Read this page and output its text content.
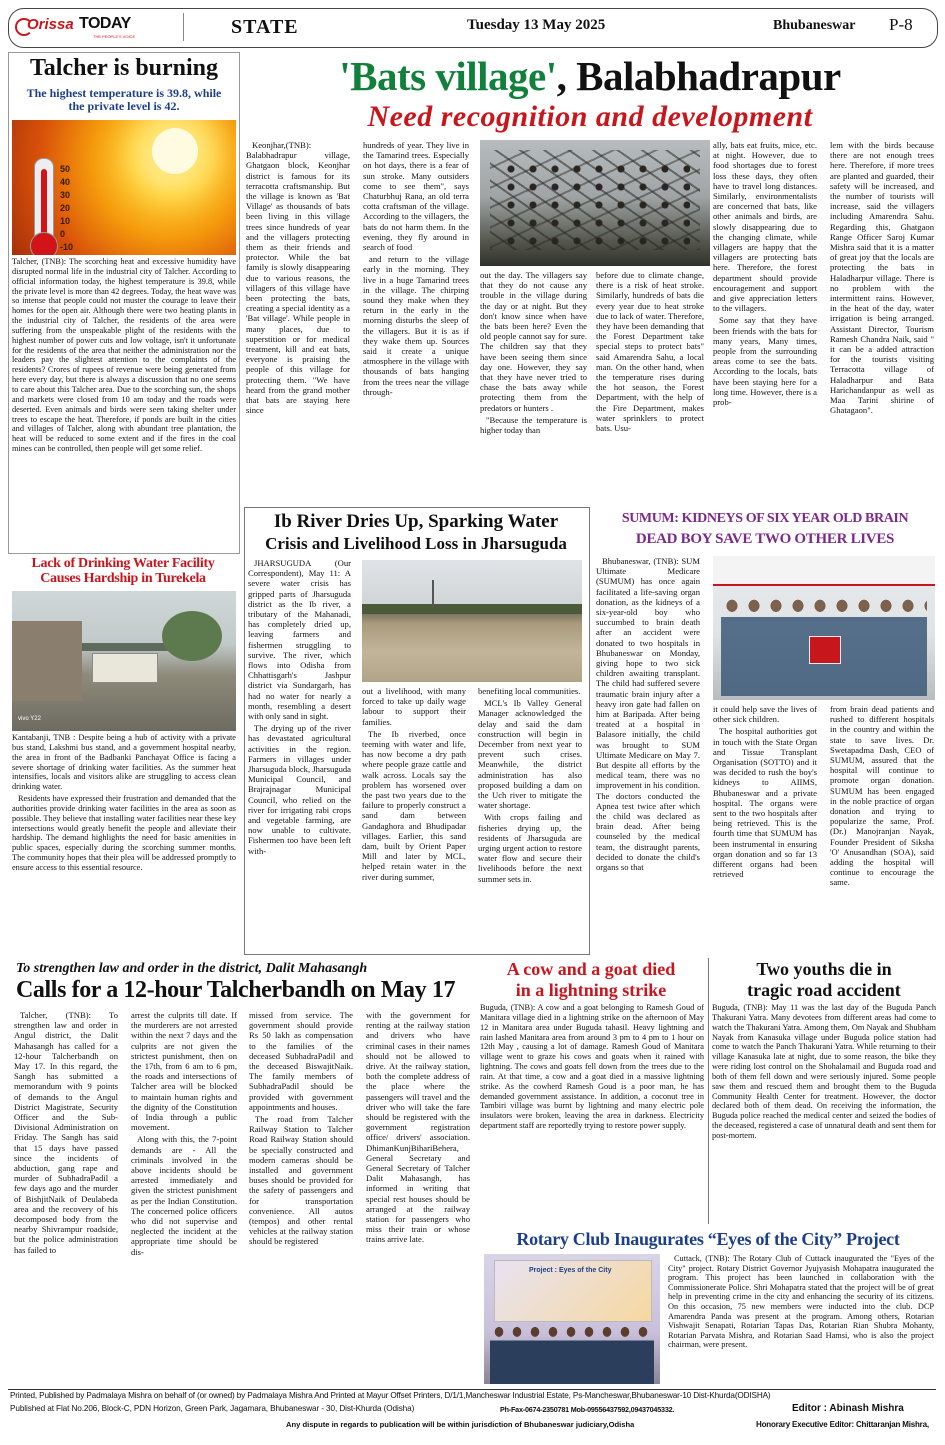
Orissa TODAY
THE PEOPLE'S VOICE	STATE	Tuesday 13 May 2025	Bhubaneswar P-8
Talcher is burning
The highest temperature is 39.8, while the private level is 42.
50
40
30
20
10
0
-10

Talcher, (TNB): The scorching heat and excessive humidity have disrupted normal life in the industrial city of Talcher. According to official information today, the highest temperature is 39.8, while the private level is more than 42 degrees. Today, the heat wave was so intense that people could not muster the courage to leave their homes for the open air. Although there were two heating plants in the industrial city of Talcher, the residents of the area were suffering from the unspeakable plight of the residents with the highest number of power cuts and low voltage, isn't it unfortunate for the residents of the area that neither the administration nor the leaders pay the slightest attention to the complaints of the residents? Crores of rupees of revenue were being generated from here every day, but there is always a discussion that no one seems to care about this Talcher area. Due to the scorching sun, the shops and markets were closed from 10 am today and the roads were deserted. Even animals and birds were seen taking shelter under trees to escape the heat. Therefore, if ponds are built in the cities and villages of Talcher, along with abundant tree plantation, the heat will be reduced to some extent and if the fires in the coal mines can be controlled, then people will get some relief.

Lack of Drinking Water Facility Causes Hardship in Turekela
vivo Y22

Kantabanji, TNB : Despite being a hub of activity with a private bus stand, Lakshmi bus stand, and a government hospital nearby, the area in front of the Badbanki Panchayat Office is facing a severe shortage of drinking water facilities. As the summer heat intensifies, locals and visitors alike are struggling to access clean drinking water.

Residents have expressed their frustration and demanded that the authorities provide drinking water facilities in the area as soon as possible. They believe that installing water facilities near these key intersections would greatly benefit the people and alleviate their hardship. The demand highlights the need for basic amenities in public spaces, especially during the scorching summer months. The community hopes that their plea will be addressed promptly to ensure access to this essential resource.

'Bats village', Balabhadrapur
Need recognition and development

Keonjhar,(TNB): Balabhadrapur village, Ghatgaon block, Keonjhar district is famous for its terracotta craftsmanship. But the village is known as 'Bat Village' as thousands of bats been living in this village trees since hundreds of year and the villagers protecting them as their friends and protector. While the bat family is slowly disappearing due to various reasons, the villagers of this village have been protecting the bats, creating a special identity as a 'Bat village'. While people in many places, due to superstition or for medical treatment, kill and eat bats, everyone is praising the people of this village for protecting them. "We have heard from the grand mother that bats are staying here since

hundreds of year. They live in the Tamarind trees. Especially on hot days, there is a fear of sun stroke. Many outsiders come to see them", says Chaturbhuj Rana, an old terra cotta craftsman of the village. According to the villagers, the bats do not harm them. In the evening, they fly around in search of food

and return to the village early in the morning. They live in a huge Tamarind trees in the village. The chirping sound they make when they return in the early in the morning disturbs the sleep of the villagers. But it is as if they wake them up. Sources said it create a unique atmosphere in the village with thousands of bats hanging from the trees near the village through-

out the day. The villagers say that they do not cause any trouble in the village during the day or at night. But they don't know since when have the bats been here? Even the old people cannot say for sure. The children say that they have been seeing them since day one. However, they say that they have never tried to chase the bats away while protecting them from the predators or hunters .

"Because the temperature is higher today than

before due to climate change, there is a risk of heat stroke. Similarly, hundreds of bats die every year due to heat stroke due to lack of water. Therefore, they have been demanding that the Forest Department take special steps to protect bats" said Amarendra Sahu, a local man. On the other hand, when the temperature rises during the hot season, the Forest Department, with the help of the Fire Department, makes water sprinklers to protect bats. Usu-

ally, bats eat fruits, mice, etc. at night. However, due to food shortages due to forest loss these days, they often have to travel long distances. Similarly, environmentalists are concerned that bats, like other animals and birds, are slowly disappearing due to the changing climate, while villagers are happy that the villagers are protecting bats here. Therefore, the forest department should provide encouragement and support and give appreciation letters to the villagers.

Some say that they have been friends with the bats for many years, Many times, people from the surrounding areas come to see the bats. According to the locals, bats have been staying here for a long time. However, there is a prob-

lem with the birds because there are not enough trees here. Therefore, if more trees are planted and guarded, their safety will be increased, and the number of tourists will increase, said the villagers including Amarendra Sahu. Regarding this, Ghatgaon Range Officer Saroj Kumar Mishra said that it is a matter of great joy that the locals are protecting the bats in Haladharpur village. There is no problem with the intermittent rains. However, in the heat of the day, water irrigation is being arranged. Assistant Director, Tourism Ramesh Chandra Naik, said " it can be a added attraction for the tourists visiting Terracotta village of Haladharpur and Bata Harichandanpur as well as Maa Tarini shirine of Ghatagaon".

Ib River Dries Up, Sparking Water
Crisis and Livelihood Loss in Jharsuguda

JHARSUGUDA (Our Correspondent), May 11: A severe water crisis has gripped parts of Jharsuguda district as the Ib river, a tributary of the Mahanadi, has completely dried up, leaving farmers and fishermen struggling to survive. The river, which flows into Odisha from Chhattisgarh's Jashpur district via Sundargarh, has had no water for nearly a month, resembling a desert with only sand in sight.

The drying up of the river has devastated agricultural activities in the region. Farmers in villages under Jharsuguda block, Jharsuguda Municipal Council, and Brajrajnagar Municipal Council, who relied on the river for irrigating rabi crops and vegetable farming, are now unable to cultivate. Fishermen too have been left with-

out a livelihood, with many forced to take up daily wage labour to support their families.

The Ib riverbed, once teeming with water and life, has now become a dry path where people graze cattle and walk across. Locals say the problem has worsened over the past two years due to the failure to properly construct a sand dam between Gandaghora and Bhudipadar villages. Earlier, this sand dam, built by Orient Paper Mill and later by MCL, helped retain water in the river during summer,

benefiting local communities.

MCL's Ib Valley General Manager acknowledged the delay and said the dam construction will begin in December from next year to prevent such crises. Meanwhile, the district administration has also proposed building a dam on the Uch river to mitigate the water shortage.

With crops failing and fisheries drying up, the residents of Jharsuguda are urging urgent action to restore water flow and secure their livelihoods before the next summer sets in.

SUMUM: KIDNEYS OF SIX YEAR OLD BRAIN
DEAD BOY SAVE TWO OTHER LIVES

Bhubaneswar, (TNB): SUM Ultimate Medicare (SUMUM) has once again facilitated a life-saving organ donation, as the kidneys of a six-year-old boy who succumbed to brain death after an accident were donated to two hospitals in Bhubaneswar on Monday, giving hope to two sick children awaiting transplant. The child had suffered severe traumatic brain injury after a heavy iron gate had fallen on him at Baripada. After being treated at a hospital in Balasore initially, the child was brought to SUM Ultimate Medicare on May 7. But despite all efforts by the medical team, there was no improvement in his condition. The doctors conducted the Apnea test twice after which the child was declared as brain dead. After being counseled by the medical team, the distraught parents, decided to donate the child's organs so that

it could help save the lives of other sick children.

The hospital authorities got in touch with the State Organ and Tissue Transplant Organisation (SOTTO) and it was decided to rush the boy's kidneys to AIIMS, Bhubaneswar and a private hospital. The organs were sent to the two hospitals after being retrieved. This is the fourth time that SUMUM has been instrumental in ensuring organ donation and so far 13 different organs had been retrieved

from brain dead patients and rushed to different hospitals in the country and within the state to save lives. Dr. Swetapadma Dash, CEO of SUMUM, assured that the hospital will continue to promote organ donation. SUMUM has been engaged in the noble practice of organ donation and trying to popularize the same, Prof. (Dr.) Manojranjan Nayak, Founder President of Siksha 'O' Anusandhan (SOA), said adding the hospital will continue to encourage the same.

To strengthen law and order in the district, Dalit Mahasangh
Calls for a 12-hour Talcherbandh on May 17

Talcher, (TNB): To strengthen law and order in Angul district, the Dalit Mahasangh has called for a 12-hour Talcherbandh on May 17. In this regard, the Sangh has submitted a memorandum with 9 points of demands to the Angul District Magistrate, Security Officer and the Sub-Divisional Administration on Friday. The Sangh has said that 15 days have passed since the incidents of abduction, gang rape and murder of SubhadraPadil a few days ago and the murder of BishjitNaik of Deulabeda area and the recovery of his decomposed body from the nearby Shivrampur roadside, but the police administration has failed to

arrest the culprits till date. If the murderers are not arrested within the next 7 days and the culprits are not given the strictest punishment, then on the 17th, from 6 am to 6 pm, the roads and intersections of Talcher area will be blocked to maintain human rights and the dignity of the Constitution of India through a public movement.

Along with this, the 7-point demands are - All the criminals involved in the above incidents should be arrested immediately and given the strictest punishment as per the Indian Constitution. The concerned police officers who did not supervise and neglected the incident at the appropriate time should be dis-

missed from service. The government should provide Rs 50 lakh as compensation to the families of the deceased SubhadraPadil and the deceased BiswajitNaik. The family members of SubhadraPadil should be provided with government appointments and houses.

The road from Talcher Railway Station to Talcher Road Railway Station should be specially constructed and modern cameras should be installed and government buses should be provided for the safety of passengers and for transportation convenience. All autos (tempos) and other rental vehicles at the railway station should be registered

with the government for renting at the railway station and drivers who have criminal cases in their names should not be allowed to drive. At the railway station, both the complete address of the place where the passengers will travel and the driver who will take the fare should be registered with the government registration office/ drivers' association. DhimanKunjBihariBehera, General Secretary and General Secretary of Talcher Dalit Mahasangh, has informed in writing that special rest houses should be arranged at the railway station for passengers who miss their train or whose trains arrive late.

A cow and a goat died
in a lightning strike

Buguda, (TNB): A cow and a goat belonging to Ramesh Goud of Manitara village died in a lightning strike on the afternoon of May 12 in Manitara area under Buguda tahasil. Heavy lightning and rain lashed Manitara area from around 3 pm to 4 pm to 1 hour on 12th May , causing a lot of damage. Ramesh Goud of Manitara village went to graze his cows and goats when it rained with lightning. The cows and goats fell down from the trees due to the rain. At that time, a cow and a goat died in a massive lightning strike. As the cowherd Ramesh Goud is a poor man, he has demanded government assistance. In addition, a coconut tree in Tambiri village was burnt by lightning and many electric pole insulators were broken, leaving the area in darkness. Electricity department staff are reportedly trying to restore power supply.

Two youths die in
tragic road accident

Buguda, (TNB): May 11 was the last day of the Buguda Panch Thakurani Yatra. Many devotees from different areas had come to watch the Thakurani Yatra. Among them, Om Nayak and Shubham Nayak from Kanasuka village under Buguda police station had come to watch the Panch Thakurani Yatra. While returning to their village Kanasuka late at night, due to some reason, the bike they were riding lost control on the Shohalamail and Buguda road and both of them fell down and were seriously injured. Some people saw them and rescued them and brought them to the Buguda Community Health Center for treatment. However, the doctor declared both of them dead. On receiving the information, the Buguda police reached the medical center and seized the bodies of the deceased, registered a case of unnatural death and sent them for post-mortem.

Rotary Club Inaugurates “Eyes of the City” Project
Project : Eyes of the City

Cuttack, (TNB): The Rotary Club of Cuttack inaugurated the "Eyes of the City" project. Rotary District Governor Jyujyasish Mohapatra inaugurated the program. This project has been launched in collaboration with the Commissionerate Police. Shri Mohapatra stated that the project will be of great help in preventing crime in the city and enhancing the security of its citizens. On this occasion, 75 new members were inducted into the club. DCP Amarendra Panda was present at the program. Among others, Rotarian Vishwajit Senapati, Rotarian Tapas Das, Rotarian Rian Shubra Mohanty, Rotarian Parvata Mishra, and Rotarian Saad Hamsi, who is also the project chairman, were present.

Printed, Published by Padmalaya Mishra on behalf of (or owned) by Padmalaya Mishra And Printed at Mayur Offset Printers, D/1/1,Mancheswar Industrial Estate, Ps-Mancheswar,Bhubaneswar-10 Dist-Khurda(ODISHA)
Published at Flat No.206, Block-C, PDN Horizon, Green Park, Jagamara, Bhubaneswar - 30, Dist-Khurda (Odisha)	Ph-Fax-0674-2350781 Mob-09556437592,09437045332.	Editor : Abinash Mishra
Any dispute in regards to publication will be within jurisdiction of Bhubaneswar judiciary,Odisha	Honorary Executive Editor: Chittaranjan Mishra,
